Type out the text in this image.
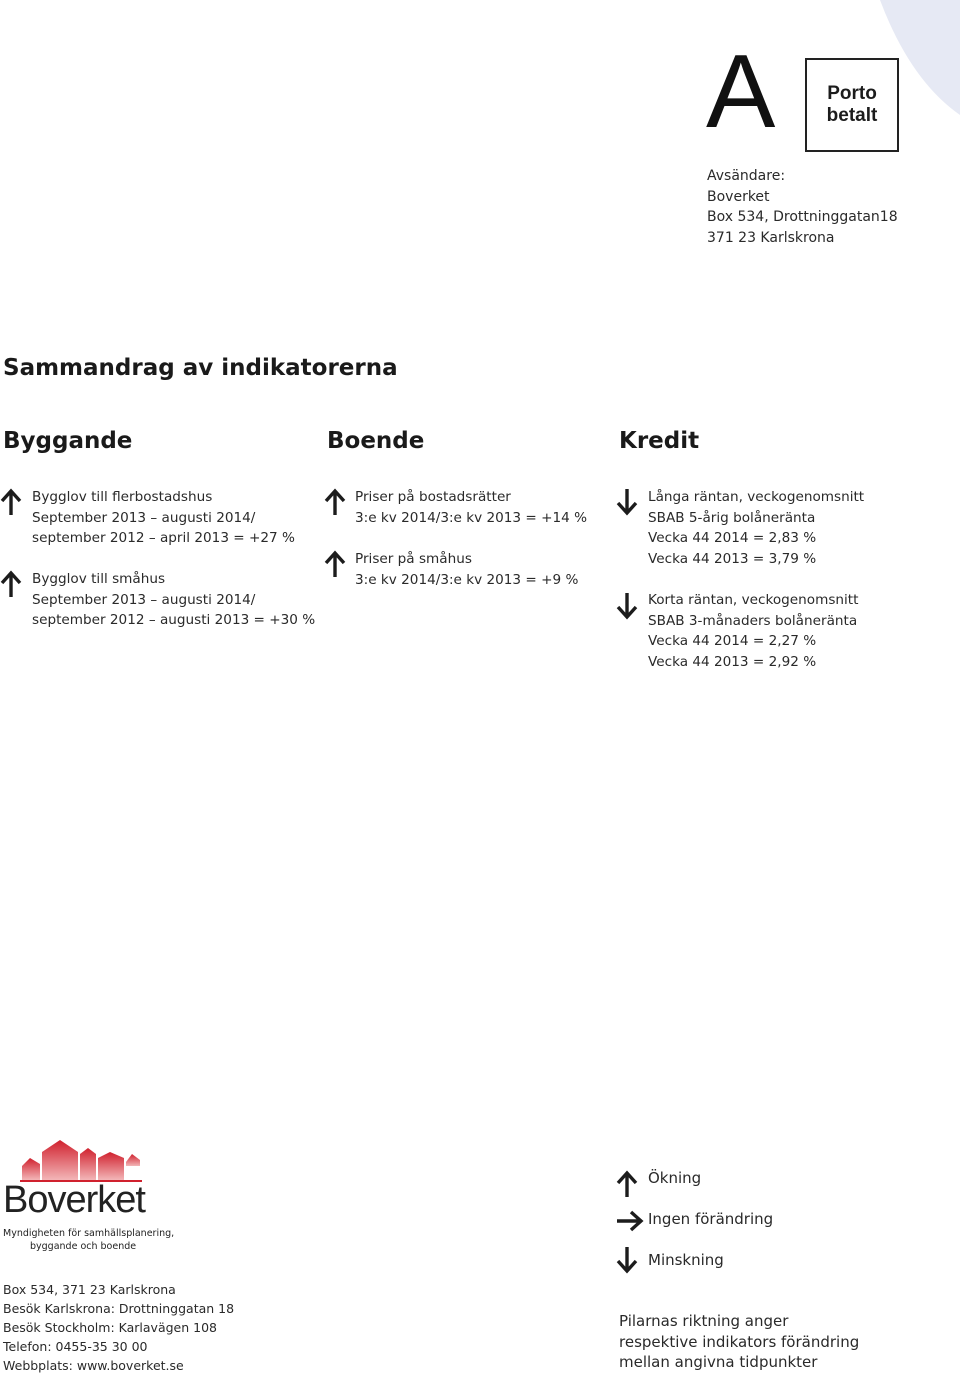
A	Porto
betalt
Avsändare:
Boverket
Box 534, Drottninggatan18
371 23 Karlskrona
Sammandrag av indikatorerna
Byggande	Boende	Kredit
Bygglov till flerbostadshus
September 2013 – augusti 2014/
september 2012 – april 2013 = +27 %
Bygglov till småhus
September 2013 – augusti 2014/
september 2012 – augusti 2013 = +30 %
Priser på bostadsrätter
3:e kv 2014/3:e kv 2013 = +14 %
Priser på småhus
3:e kv 2014/3:e kv 2013 = +9 %
Långa räntan, veckogenomsnitt
SBAB 5-årig bolåneränta
Vecka 44 2014 = 2,83 %
Vecka 44 2013 = 3,79 %
Korta räntan, veckogenomsnitt
SBAB 3-månaders bolåneränta
Vecka 44 2014 = 2,27 %
Vecka 44 2013 = 2,92 %
Boverket
Myndigheten för samhällsplanering,
byggande och boende
Box 534, 371 23 Karlskrona
Besök Karlskrona: Drottninggatan 18
Besök Stockholm: Karlavägen 108
Telefon: 0455-35 30 00
Webbplats: www.boverket.se
Ökning
Ingen förändring
Minskning
Pilarnas riktning anger
respektive indikators förändring
mellan angivna tidpunkter
